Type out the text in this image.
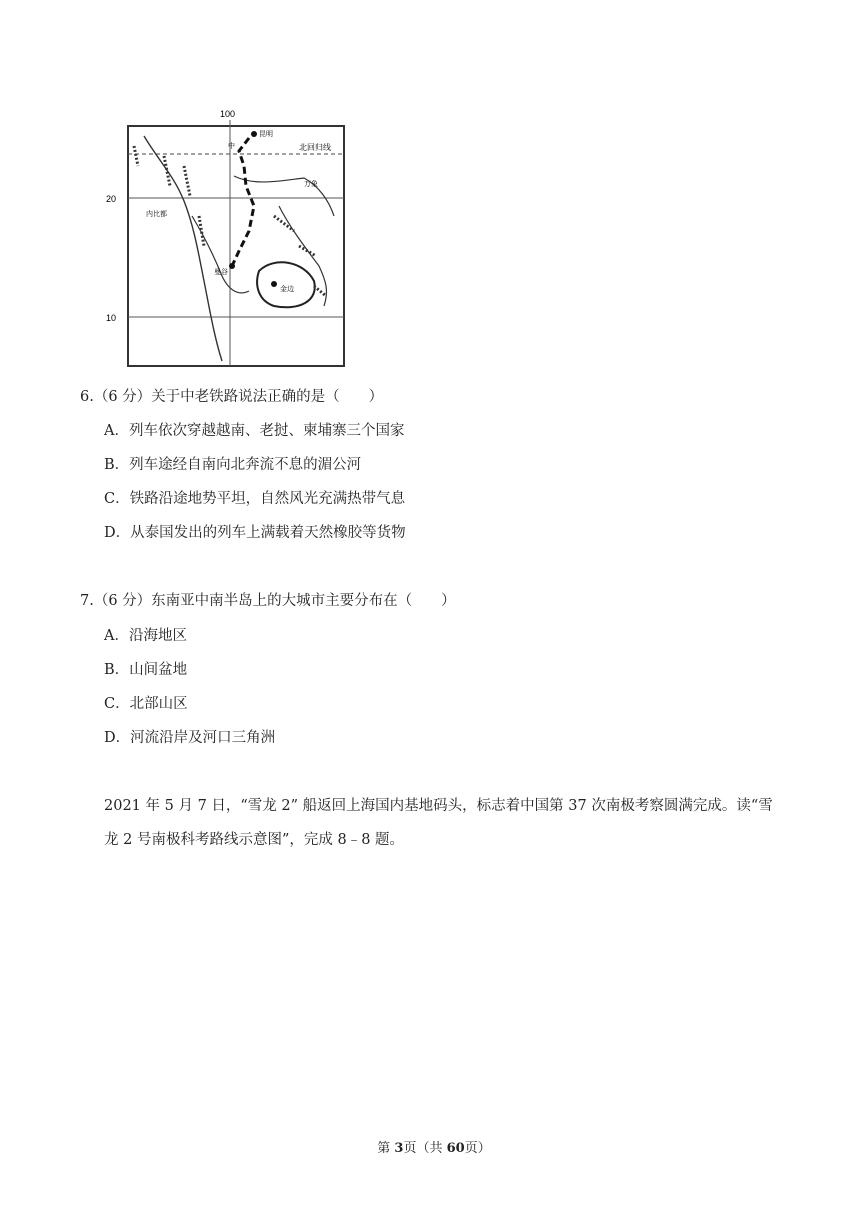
100
20
10
昆明
中	北回归线
万象
内比都
曼谷
金边
6.（6 分）关于中老铁路说法正确的是（　　）
A．列车依次穿越越南、老挝、柬埔寨三个国家
B．列车途经自南向北奔流不息的湄公河
C．铁路沿途地势平坦，自然风光充满热带气息
D．从泰国发出的列车上满载着天然橡胶等货物
7.（6 分）东南亚中南半岛上的大城市主要分布在（　　）
A．沿海地区
B．山间盆地
C．北部山区
D．河流沿岸及河口三角洲
2021 年 5 月 7 日，“雪龙 2” 船返回上海国内基地码头，标志着中国第 37 次南极考察圆满完成。读“雪
龙 2 号南极科考路线示意图”，完成 8﹣8 题。
第 3页（共 60页）
